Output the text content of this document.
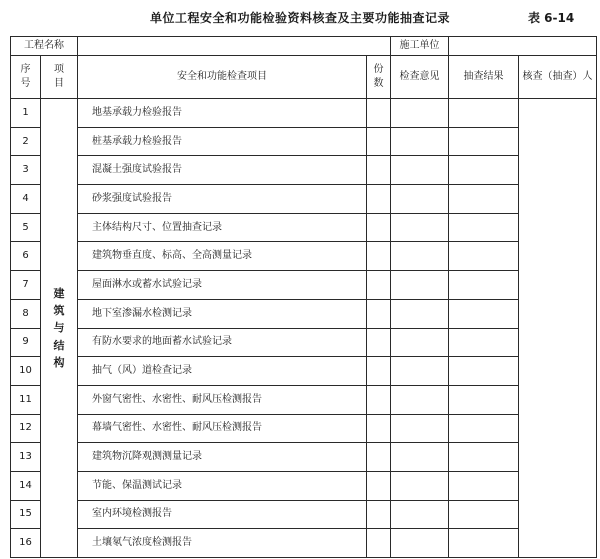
单位工程安全和功能检验资料核查及主要功能抽查记录	表 6-14
工程名称				施工单位		
序号	项目	安全和功能检查项目	份数	检查意见	抽查结果	核查（抽查）人
1	建筑与结构	地基承载力检验报告				
2		桩基承载力检验报告				
3		混凝土强度试验报告				
4		砂浆强度试验报告				
5		主体结构尺寸、位置抽查记录				
6		建筑物垂直度、标高、全高测量记录				
7		屋面淋水或蓄水试验记录				
8		地下室渗漏水检测记录				
9		有防水要求的地面蓄水试验记录				
10		抽气（风）道检查记录				
11		外窗气密性、水密性、耐风压检测报告				
12		幕墙气密性、水密性、耐风压检测报告				
13		建筑物沉降观测测量记录				
14		节能、保温测试记录				
15		室内环境检测报告				
16		土壤氡气浓度检测报告				
